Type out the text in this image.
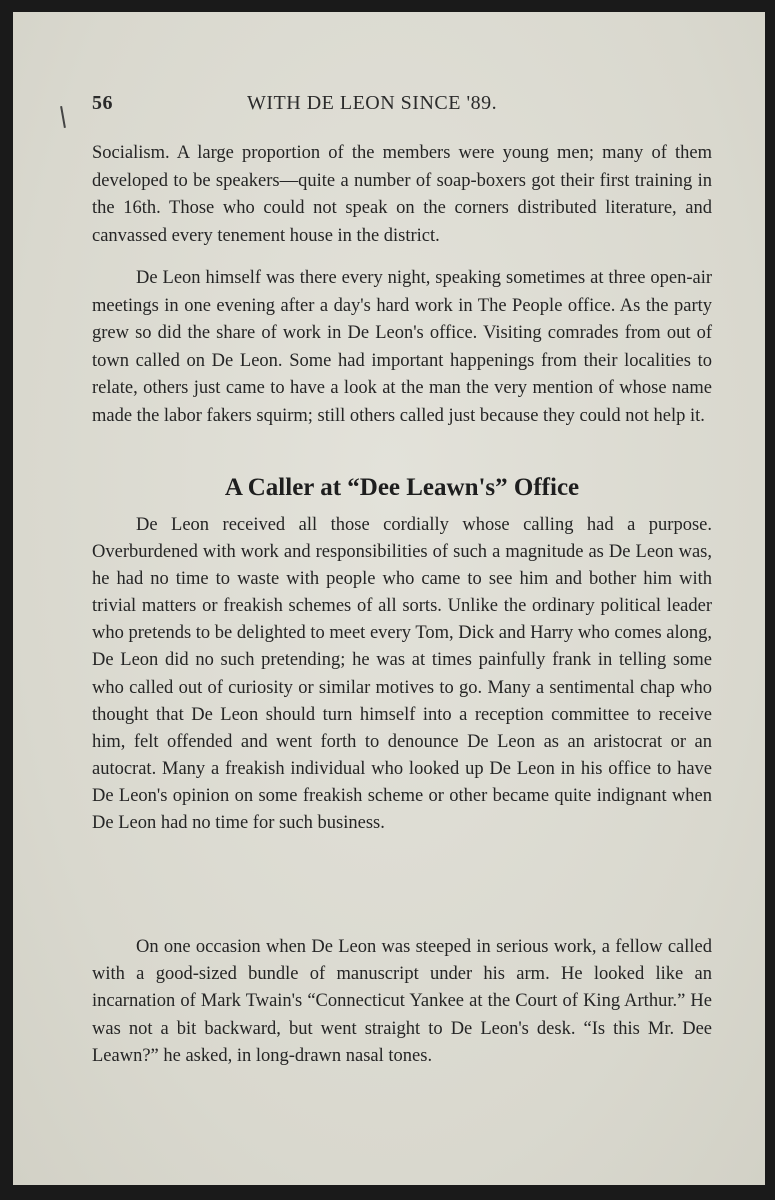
56	WITH DE LEON SINCE '89.
Socialism. A large proportion of the members were young men; many of them developed to be speakers—quite a number of soap-boxers got their first training in the 16th. Those who could not speak on the corners distributed literature, and canvassed every tenement house in the district.
De Leon himself was there every night, speaking sometimes at three open-air meetings in one evening after a day's hard work in The People office. As the party grew so did the share of work in De Leon's office. Visiting comrades from out of town called on De Leon. Some had important happenings from their localities to relate, others just came to have a look at the man the very mention of whose name made the labor fakers squirm; still others called just because they could not help it.
A Caller at “Dee Leawn's” Office
De Leon received all those cordially whose calling had a purpose. Overburdened with work and responsibilities of such a magnitude as De Leon was, he had no time to waste with people who came to see him and bother him with trivial matters or freakish schemes of all sorts. Unlike the ordinary political leader who pretends to be delighted to meet every Tom, Dick and Harry who comes along, De Leon did no such pretending; he was at times painfully frank in telling some who called out of curiosity or similar motives to go. Many a sentimental chap who thought that De Leon should turn himself into a reception committee to receive him, felt offended and went forth to denounce De Leon as an aristocrat or an autocrat. Many a freakish individual who looked up De Leon in his office to have De Leon's opinion on some freakish scheme or other became quite indignant when De Leon had no time for such business.
On one occasion when De Leon was steeped in serious work, a fellow called with a good-sized bundle of manuscript under his arm. He looked like an incarnation of Mark Twain's “Connecticut Yankee at the Court of King Arthur.” He was not a bit backward, but went straight to De Leon's desk. “Is this Mr. Dee Leawn?” he asked, in long-drawn nasal tones.
